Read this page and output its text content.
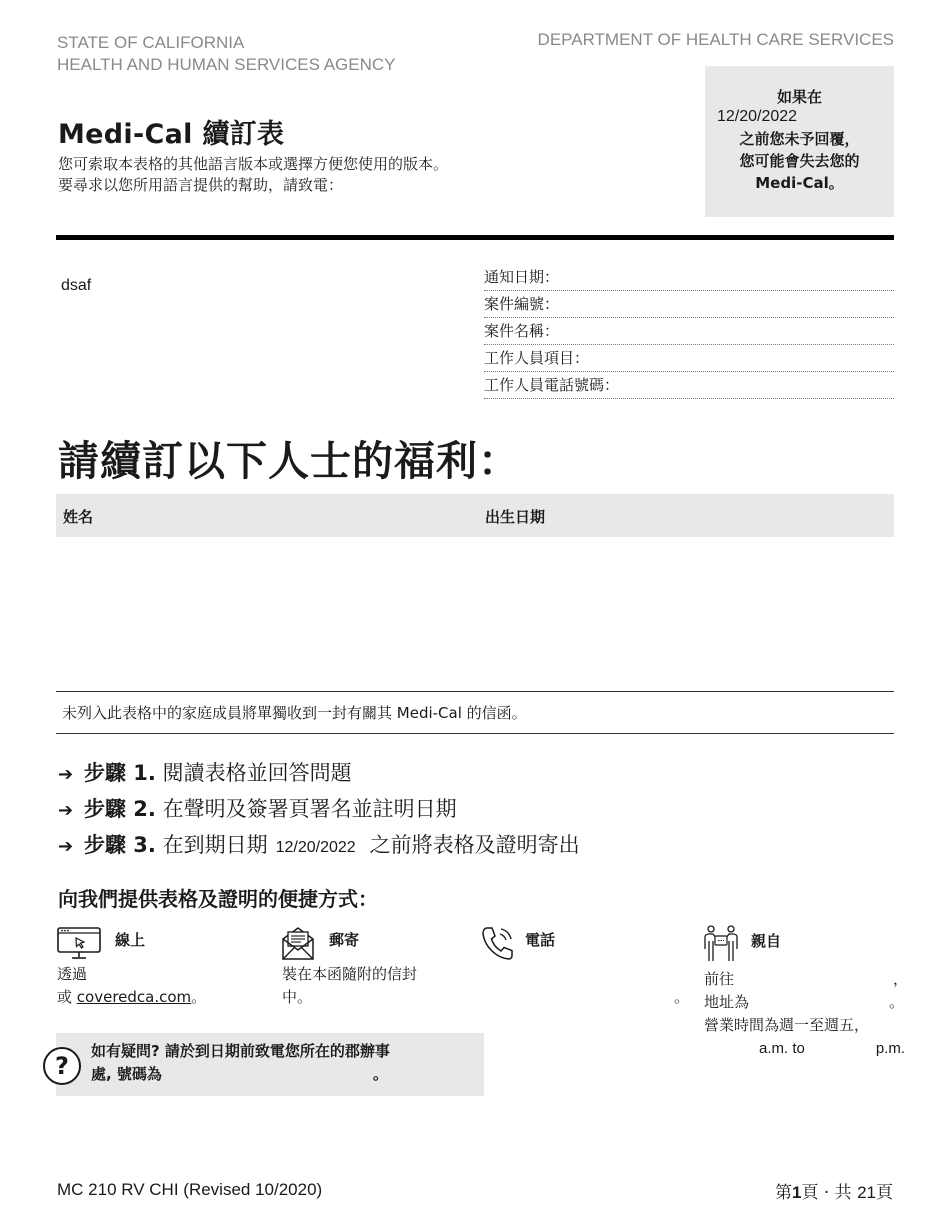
STATE OF CALIFORNIA
HEALTH AND HUMAN SERVICES AGENCY
DEPARTMENT OF HEALTH CARE SERVICES
Medi-Cal 續訂表
您可索取本表格的其他語言版本或選擇方便您使用的版本。
要尋求以您所用語言提供的幫助，請致電：
如果在
12/20/2022
之前您未予回覆，
您可能會失去您的
Medi-Cal。
dsaf	通知日期：
案件編號：
案件名稱：
工作人員項目：
工作人員電話號碼：
請續訂以下人士的福利：
姓名	出生日期
未列入此表格中的家庭成員將單獨收到一封有關其 Medi-Cal 的信函。
➔ 步驟 1. 閱讀表格並回答問題
➔ 步驟 2. 在聲明及簽署頁署名並註明日期
➔ 步驟 3. 在到期日期 12/20/2022 之前將表格及證明寄出
向我們提供表格及證明的便捷方式：
線上
透過
或 coveredca.com。
郵寄
裝在本函隨附的信封
中。
電話
。
親自
前往	，
地址為	。
營業時間為週一至週五，
a.m. to	p.m.
?
如有疑問? 請於到日期前致電您所在的郡辦事
處, 號碼為	。
MC 210 RV CHI (Revised 10/2020)	第1頁 · 共 21頁
